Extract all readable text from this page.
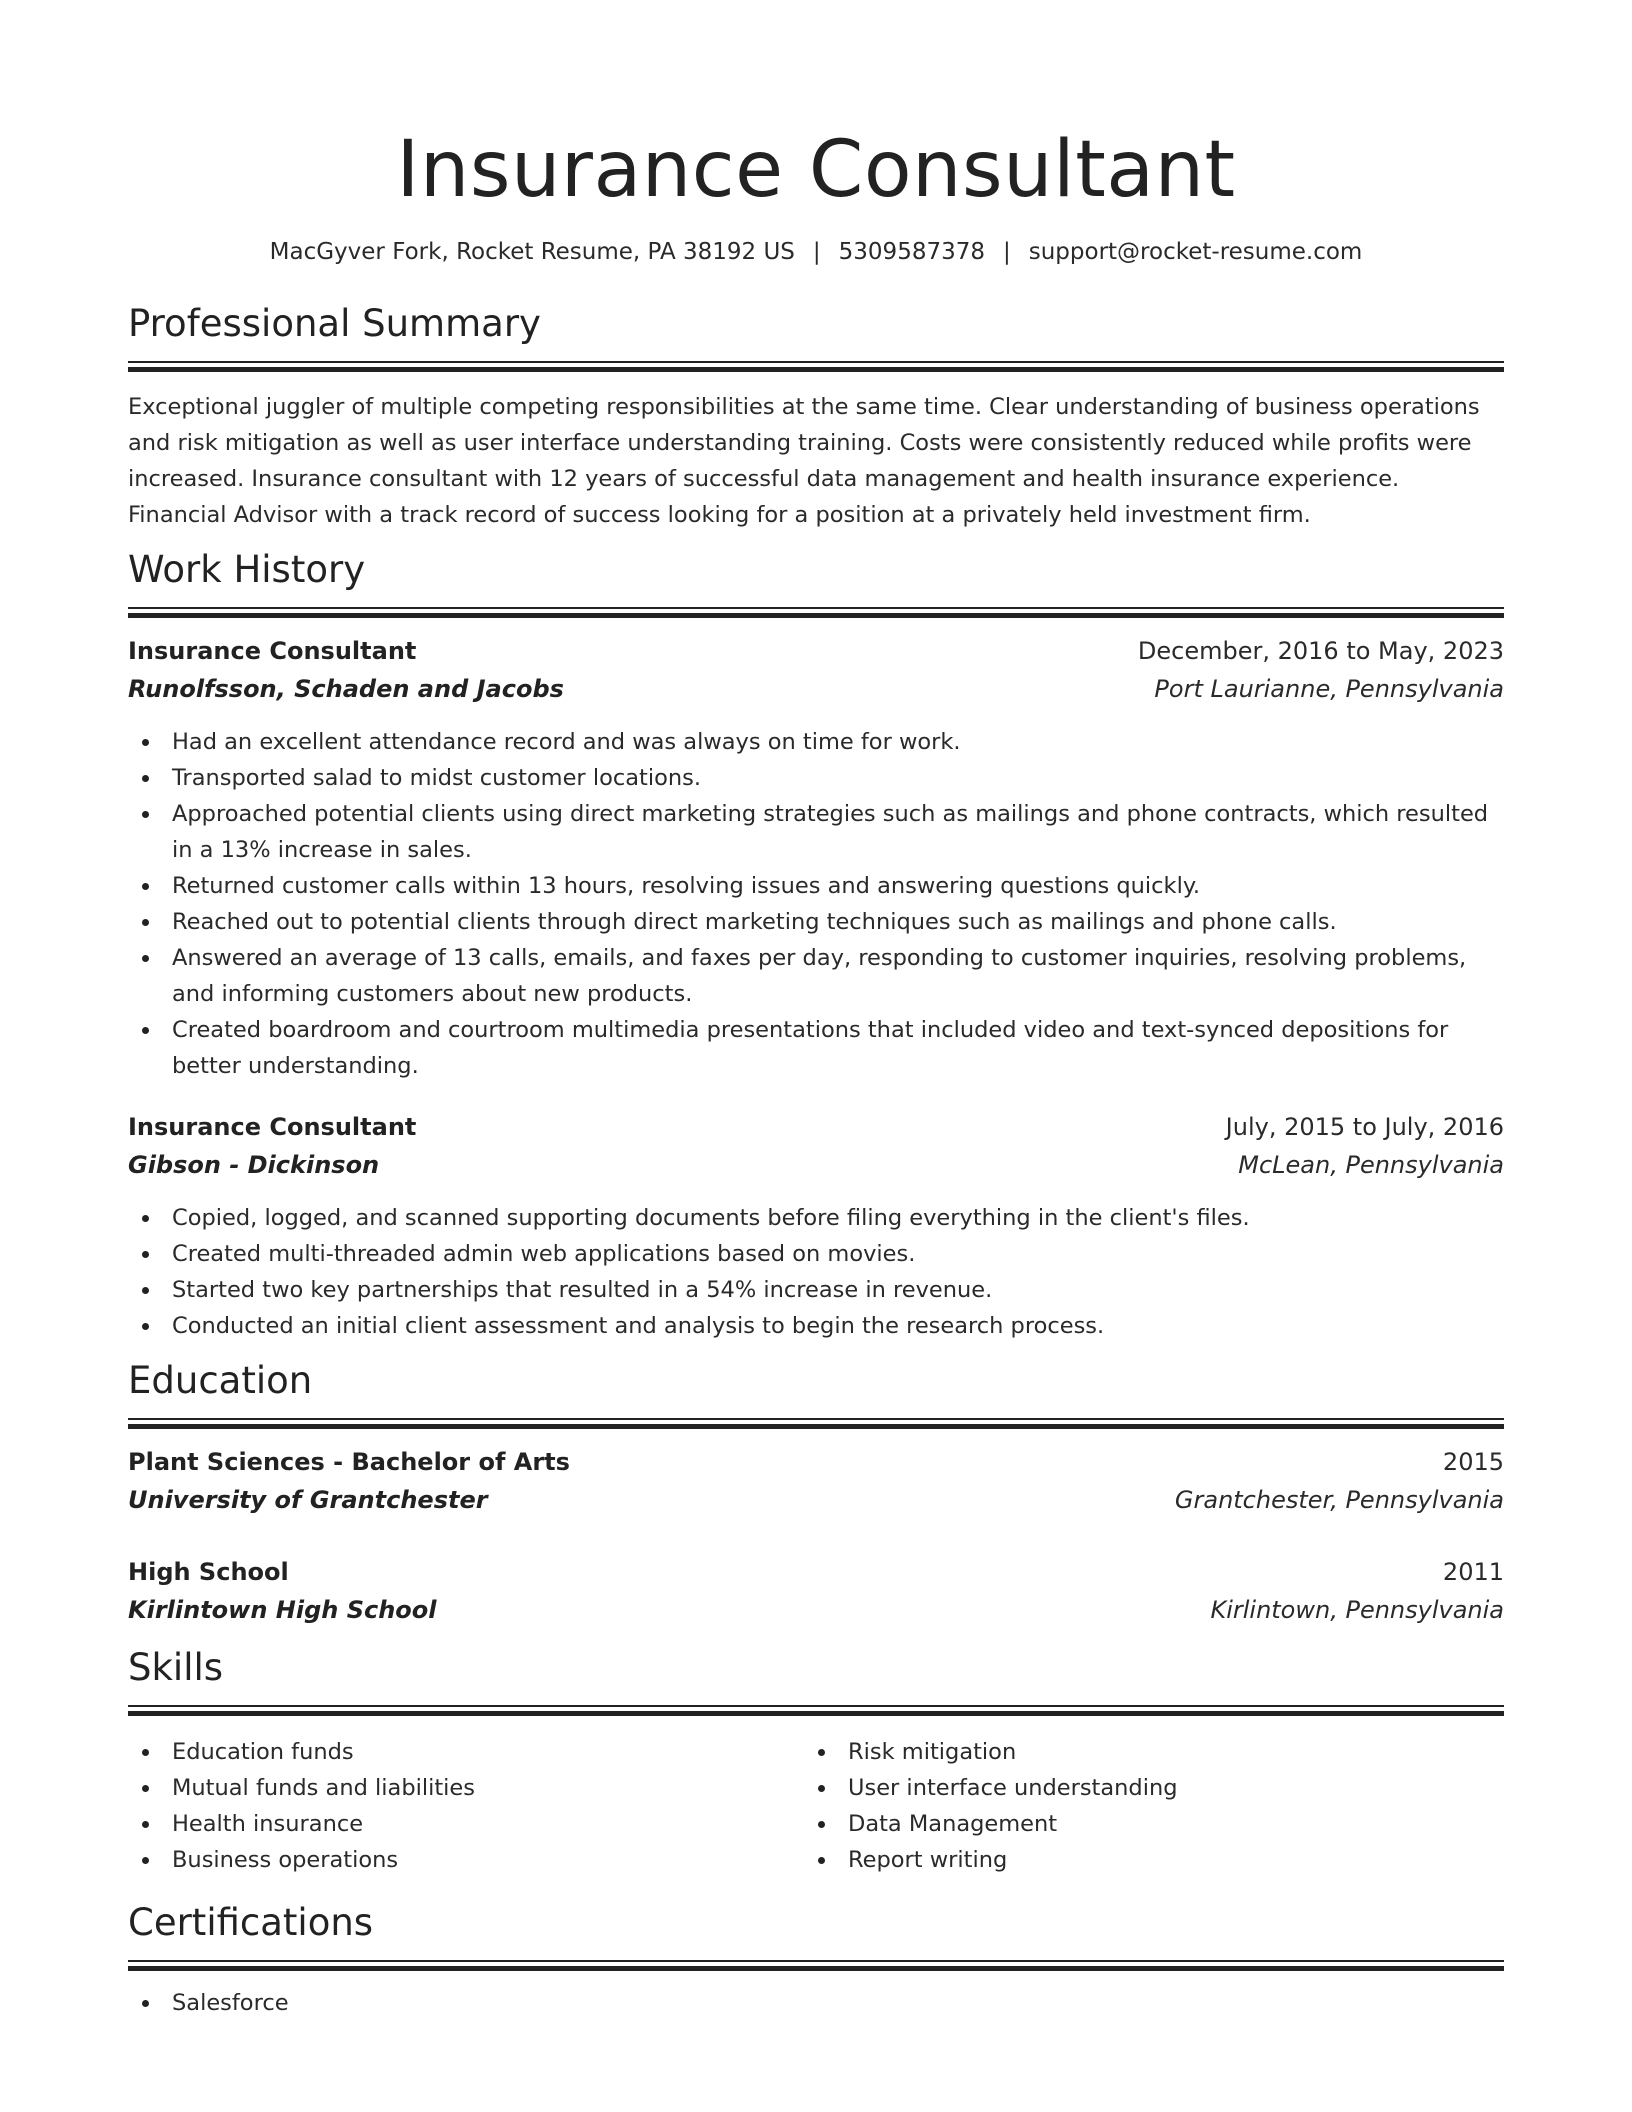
Insurance Consultant
MacGyver Fork, Rocket Resume, PA 38192 US | 5309587378 | support@rocket-resume.com
Professional Summary
Exceptional juggler of multiple competing responsibilities at the same time. Clear understanding of business operations and risk mitigation as well as user interface understanding training. Costs were consistently reduced while profits were increased. Insurance consultant with 12 years of successful data management and health insurance experience. Financial Advisor with a track record of success looking for a position at a privately held investment firm.
Work History
Insurance Consultant	December, 2016 to May, 2023
Runolfsson, Schaden and Jacobs	Port Laurianne, Pennsylvania
Had an excellent attendance record and was always on time for work.
Transported salad to midst customer locations.
Approached potential clients using direct marketing strategies such as mailings and phone contracts, which resulted in a 13% increase in sales.
Returned customer calls within 13 hours, resolving issues and answering questions quickly.
Reached out to potential clients through direct marketing techniques such as mailings and phone calls.
Answered an average of 13 calls, emails, and faxes per day, responding to customer inquiries, resolving problems, and informing customers about new products.
Created boardroom and courtroom multimedia presentations that included video and text-synced depositions for better understanding.
Insurance Consultant	July, 2015 to July, 2016
Gibson - Dickinson	McLean, Pennsylvania
Copied, logged, and scanned supporting documents before filing everything in the client's files.
Created multi-threaded admin web applications based on movies.
Started two key partnerships that resulted in a 54% increase in revenue.
Conducted an initial client assessment and analysis to begin the research process.
Education
Plant Sciences - Bachelor of Arts	2015
University of Grantchester	Grantchester, Pennsylvania
High School	2011
Kirlintown High School	Kirlintown, Pennsylvania
Skills
Education funds
Mutual funds and liabilities
Health insurance
Business operations
Risk mitigation
User interface understanding
Data Management
Report writing
Certifications
Salesforce
